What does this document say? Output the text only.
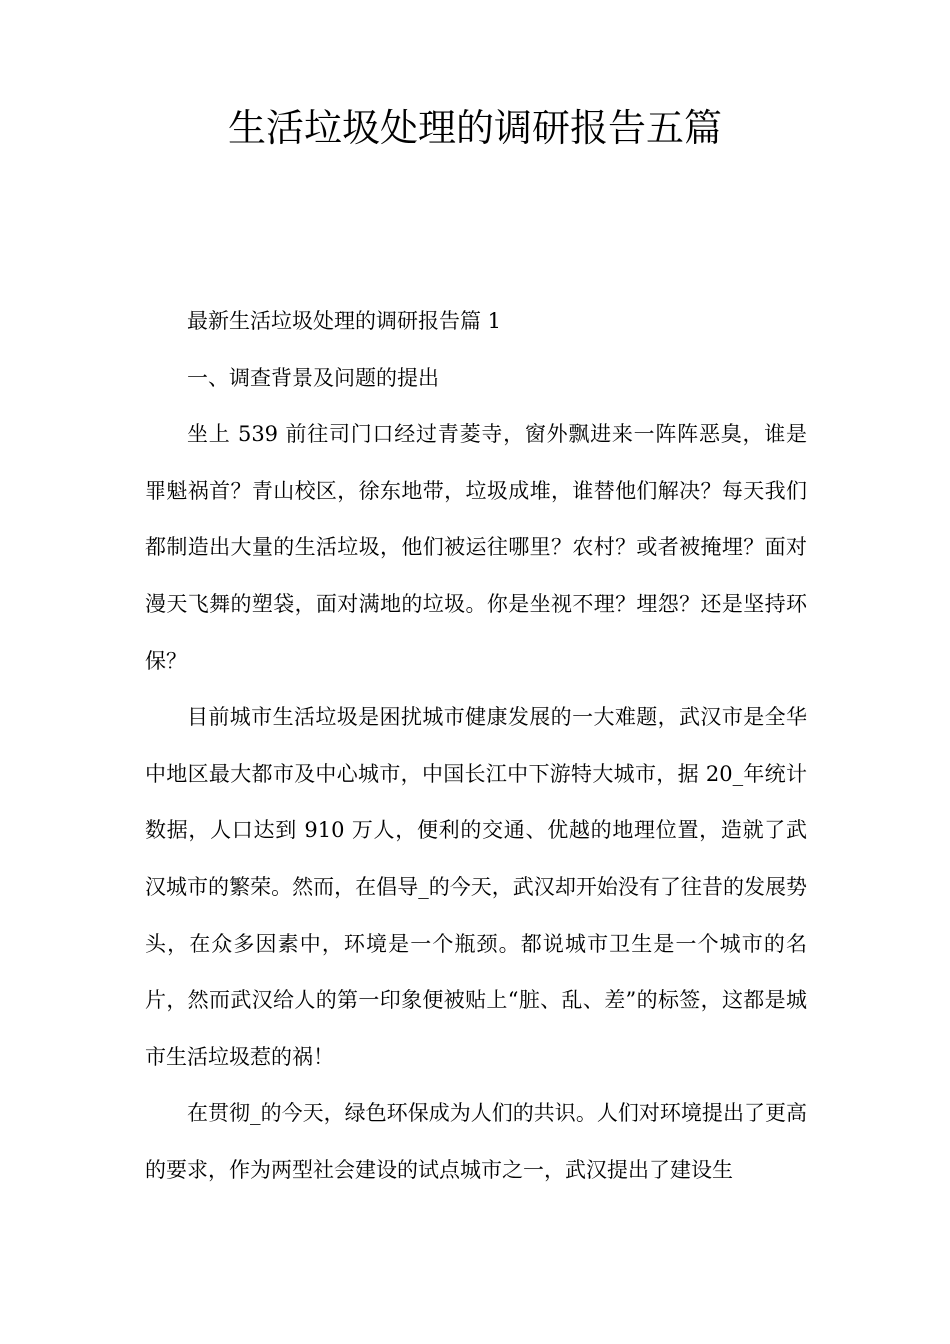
生活垃圾处理的调研报告五篇

最新生活垃圾处理的调研报告篇 1

一、调查背景及问题的提出

坐上 539 前往司门口经过青菱寺，窗外飘进来一阵阵恶臭，谁是罪魁祸首？青山校区，徐东地带，垃圾成堆，谁替他们解决？每天我们都制造出大量的生活垃圾，他们被运往哪里？农村？或者被掩埋？面对漫天飞舞的塑袋，面对满地的垃圾。你是坐视不理？埋怨？还是坚持环保？

目前城市生活垃圾是困扰城市健康发展的一大难题，武汉市是全华中地区最大都市及中心城市，中国长江中下游特大城市，据 20_年统计数据，人口达到 910 万人，便利的交通、优越的地理位置，造就了武汉城市的繁荣。然而，在倡导_的今天，武汉却开始没有了往昔的发展势头，在众多因素中，环境是一个瓶颈。都说城市卫生是一个城市的名片，然而武汉给人的第一印象便被贴上“脏、乱、差”的标签，这都是城市生活垃圾惹的祸！

在贯彻_的今天，绿色环保成为人们的共识。人们对环境提出了更高的要求，作为两型社会建设的试点城市之一，武汉提出了建设生
